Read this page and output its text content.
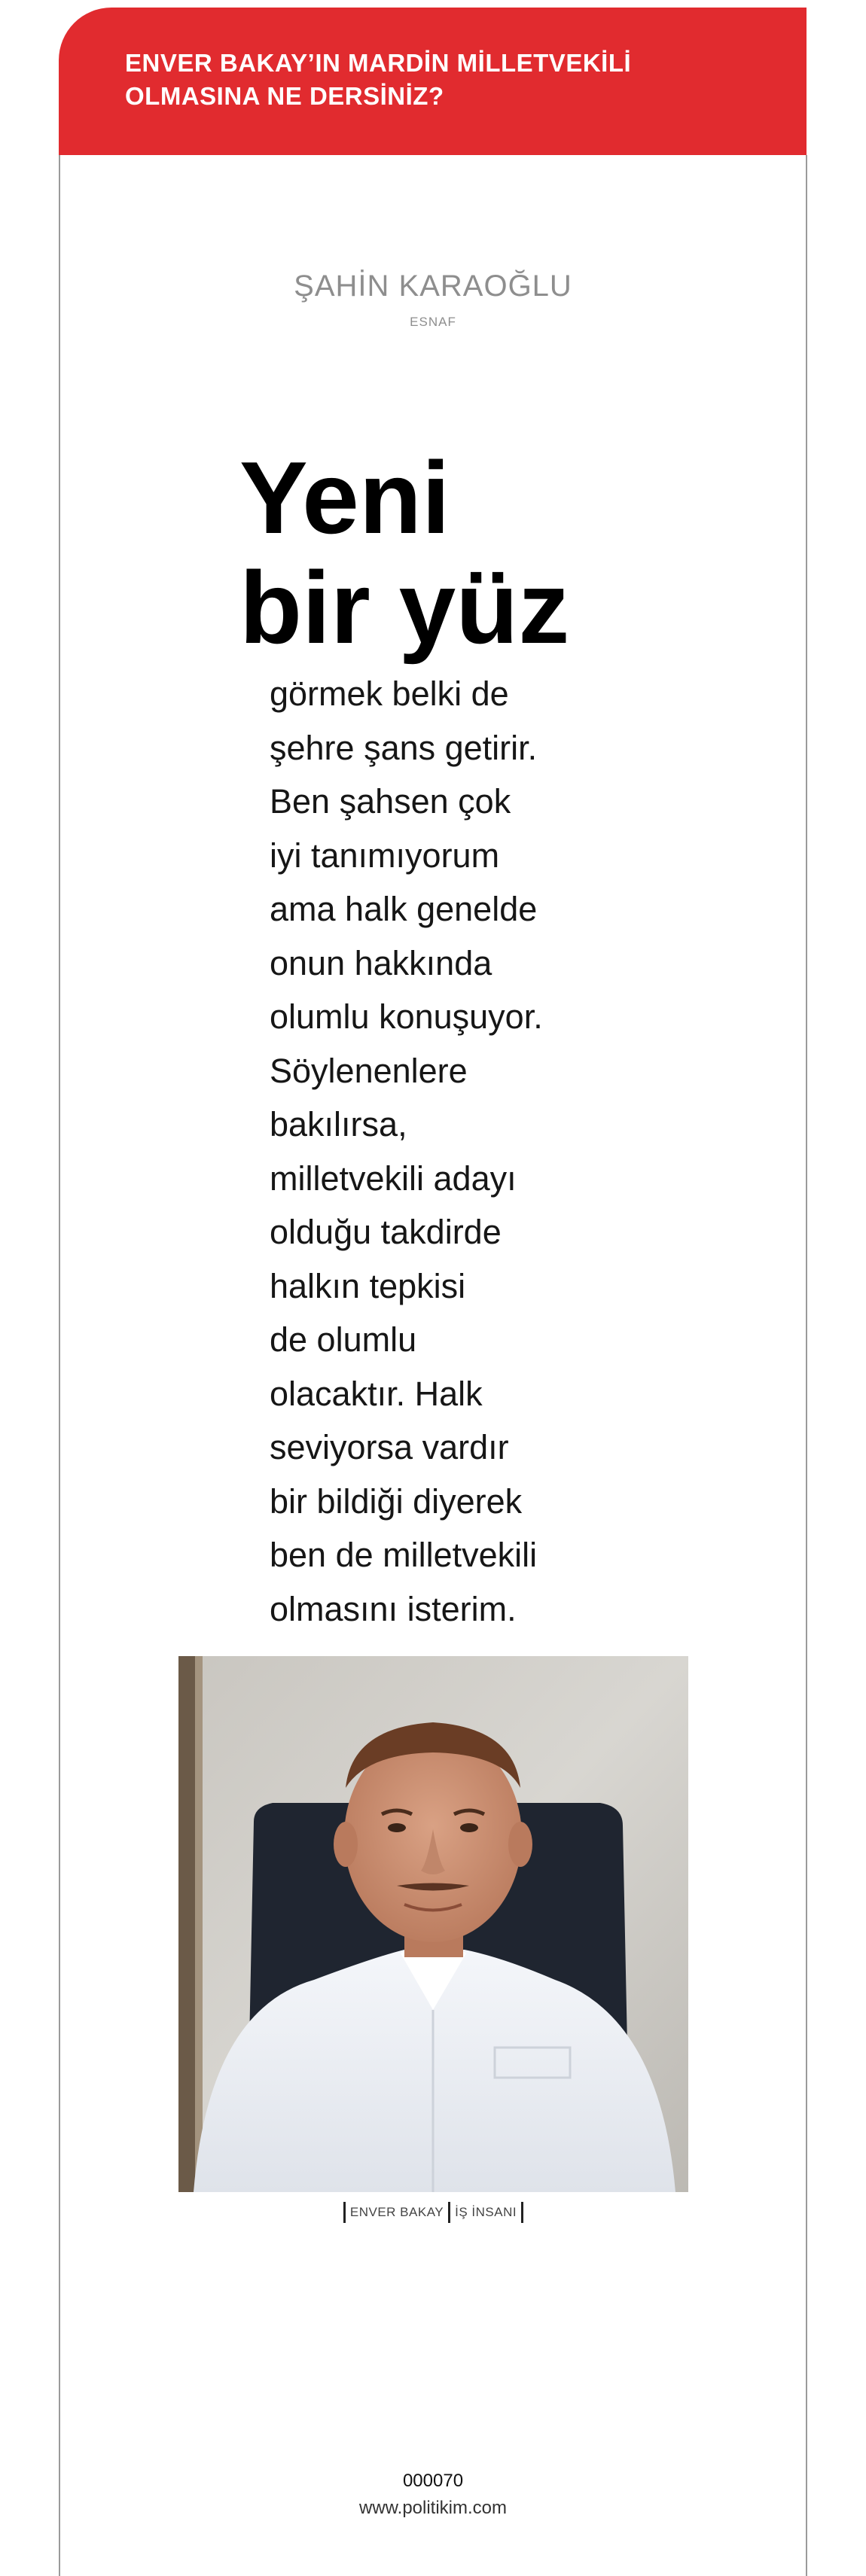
ENVER BAKAY’IN MARDİN MİLLETVEKİLİ
OLMASINA NE DERSİNİZ?
ŞAHİN KARAOĞLU
ESNAF
Yeni
bir yüz

görmek belki de
şehre şans getirir.
Ben şahsen çok
iyi tanımıyorum
ama halk genelde
onun hakkında
olumlu konuşuyor.
Söylenenlere
bakılırsa,
milletvekili adayı
olduğu takdirde
halkın tepkisi
de olumlu
olacaktır. Halk
seviyorsa vardır
bir bildiği diyerek
ben de milletvekili
olmasını isterim.

ENVER BAKAY İŞ İNSANI
000070
www.politikim.com
